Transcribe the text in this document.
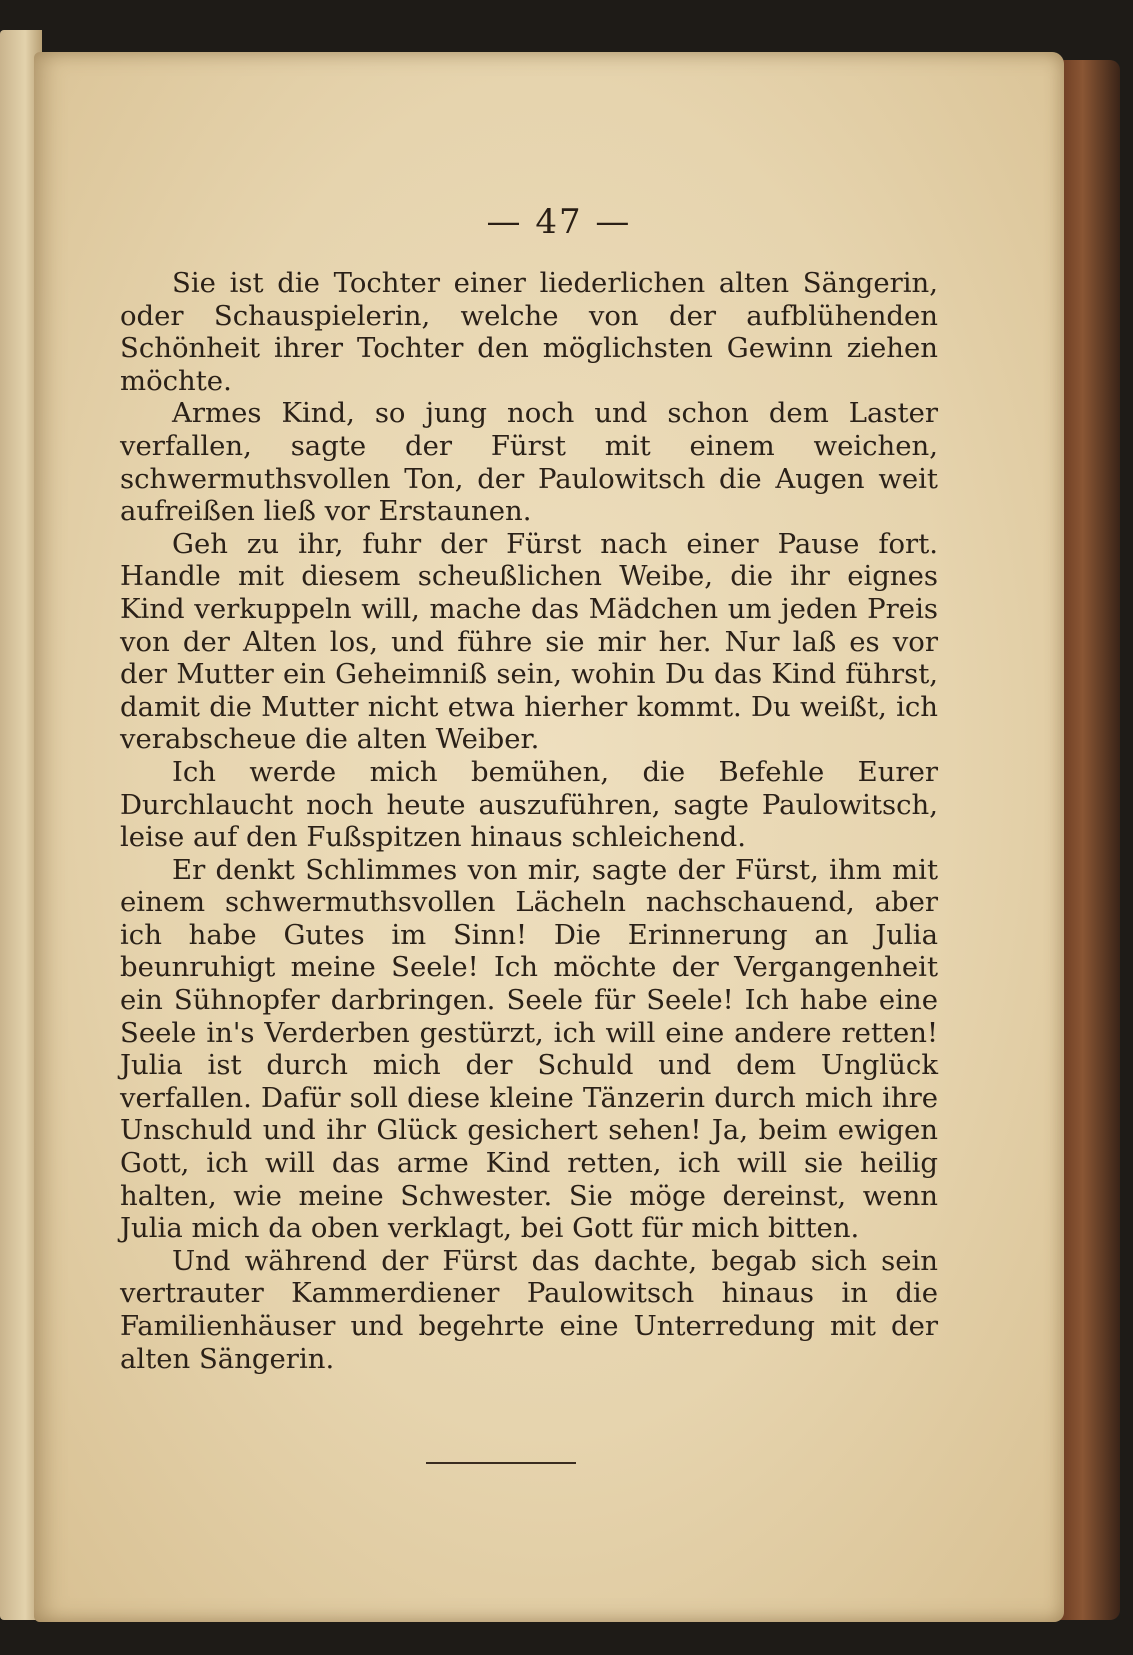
— 47 —

Sie ist die Tochter einer liederlichen alten Sängerin, oder Schauspielerin, welche von der aufblühenden Schönheit ihrer Tochter den möglichsten Gewinn ziehen möchte.

Armes Kind, so jung noch und schon dem Laster verfallen, sagte der Fürst mit einem weichen, schwermuthsvollen Ton, der Paulowitsch die Augen weit aufreißen ließ vor Erstaunen.

Geh zu ihr, fuhr der Fürst nach einer Pause fort. Handle mit diesem scheußlichen Weibe, die ihr eignes Kind verkuppeln will, mache das Mädchen um jeden Preis von der Alten los, und führe sie mir her. Nur laß es vor der Mutter ein Geheimniß sein, wohin Du das Kind führst, damit die Mutter nicht etwa hierher kommt. Du weißt, ich verabscheue die alten Weiber.

Ich werde mich bemühen, die Befehle Eurer Durchlaucht noch heute auszuführen, sagte Paulowitsch, leise auf den Fußspitzen hinaus schleichend.

Er denkt Schlimmes von mir, sagte der Fürst, ihm mit einem schwermuthsvollen Lächeln nachschauend, aber ich habe Gutes im Sinn! Die Erinnerung an Julia beunruhigt meine Seele! Ich möchte der Vergangenheit ein Sühnopfer darbringen. Seele für Seele! Ich habe eine Seele in's Verderben gestürzt, ich will eine andere retten! Julia ist durch mich der Schuld und dem Unglück verfallen. Dafür soll diese kleine Tänzerin durch mich ihre Unschuld und ihr Glück gesichert sehen! Ja, beim ewigen Gott, ich will das arme Kind retten, ich will sie heilig halten, wie meine Schwester. Sie möge dereinst, wenn Julia mich da oben verklagt, bei Gott für mich bitten.

Und während der Fürst das dachte, begab sich sein vertrauter Kammerdiener Paulowitsch hinaus in die Familienhäuser und begehrte eine Unterredung mit der alten Sängerin.
